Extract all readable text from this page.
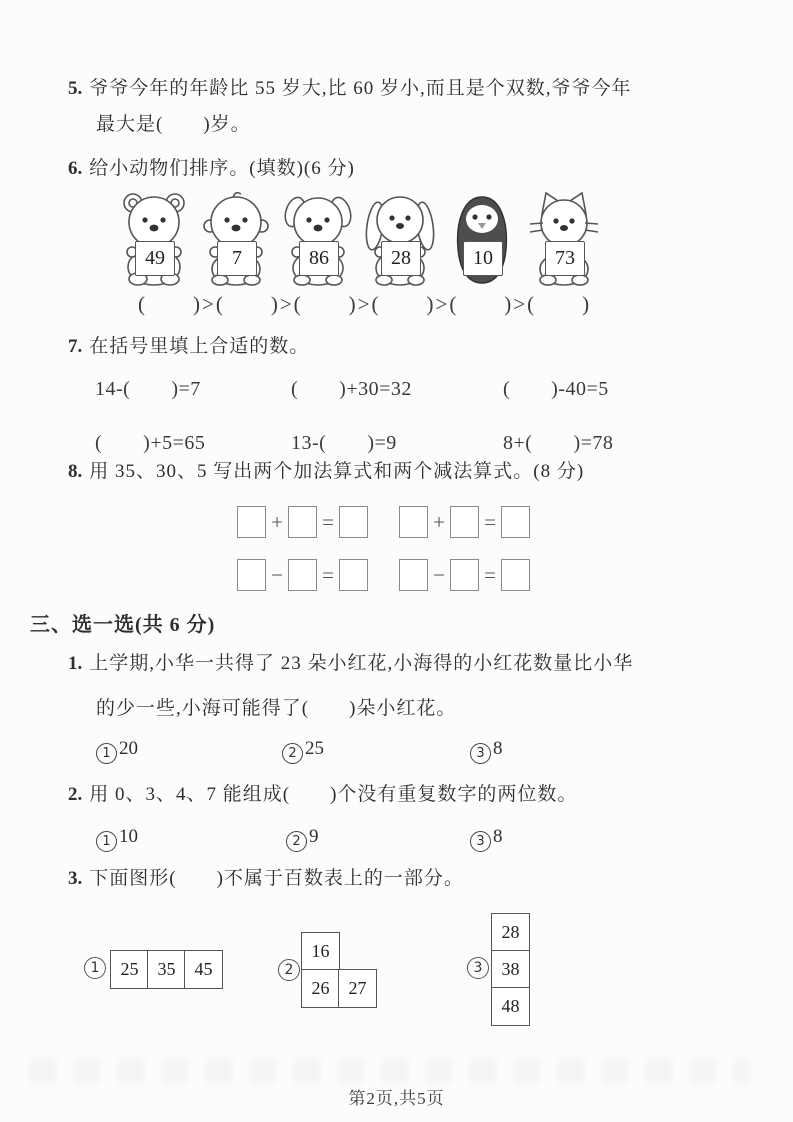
5. 爷爷今年的年龄比 55 岁大,比 60 岁小,而且是个双数,爷爷今年
最大是(　　)岁。
6. 给小动物们排序。(填数)(6 分)
49	7	86	28	10	73
(　　)>(　　)>(　　)>(　　)>(　　)>(　　)
7. 在括号里填上合适的数。
14-(　　)=7	(　　)+30=32	(　　)-40=5
(　　)+5=65	13-(　　)=9	8+(　　)=78
8. 用 35、30、5 写出两个加法算式和两个减法算式。(8 分)
+ =	+ =
− =	− =
三、选一选(共 6 分)
1. 上学期,小华一共得了 23 朵小红花,小海得的小红花数量比小华
的少一些,小海可能得了(　　)朵小红花。
1 20	2 25	3 8
2. 用 0、3、4、7 能组成(　　)个没有重复数字的两位数。
1 10	2 9	3 8
3. 下面图形(　　)不属于百数表上的一部分。
1	25	35	45	2
16
26	27
3
28
38
48
第2页,共5页
